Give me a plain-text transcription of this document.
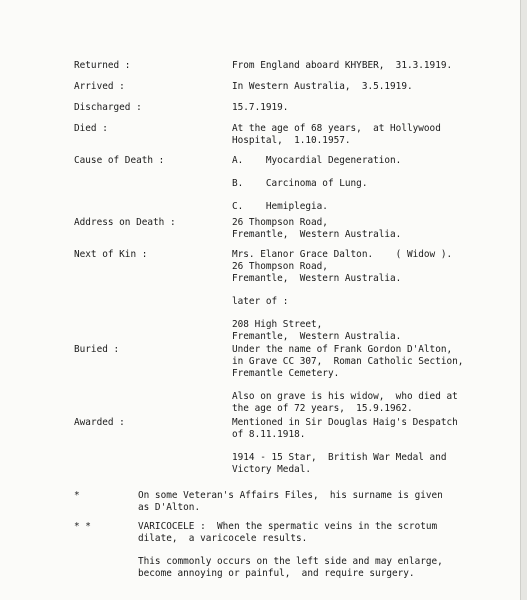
Returned :	From England aboard KHYBER,  31.3.1919.
Arrived :	In Western Australia,  3.5.1919.
Discharged :	15.7.1919.
Died :	At the age of 68 years,  at Hollywood
Hospital,  1.10.1957.
Cause of Death :	A.    Myocardial Degeneration.
B.    Carcinoma of Lung.
C.    Hemiplegia.
Address on Death :	26 Thompson Road,
Fremantle,  Western Australia.
Next of Kin :	Mrs. Elanor Grace Dalton.    ( Widow ).
26 Thompson Road,
Fremantle,  Western Australia.
later of :
208 High Street,
Fremantle,  Western Australia.
Buried :	Under the name of Frank Gordon D'Alton,
in Grave CC 307,  Roman Catholic Section,
Fremantle Cemetery.
Also on grave is his widow,  who died at
the age of 72 years,  15.9.1962.
Awarded :	Mentioned in Sir Douglas Haig's Despatch
of 8.11.1918.
1914 - 15 Star,  British War Medal and
Victory Medal.
*	On some Veteran's Affairs Files,  his surname is given
as D'Alton.
* *	VARICOCELE :  When the spermatic veins in the scrotum
dilate,  a varicocele results.
This commonly occurs on the left side and may enlarge,
become annoying or painful,  and require surgery.
